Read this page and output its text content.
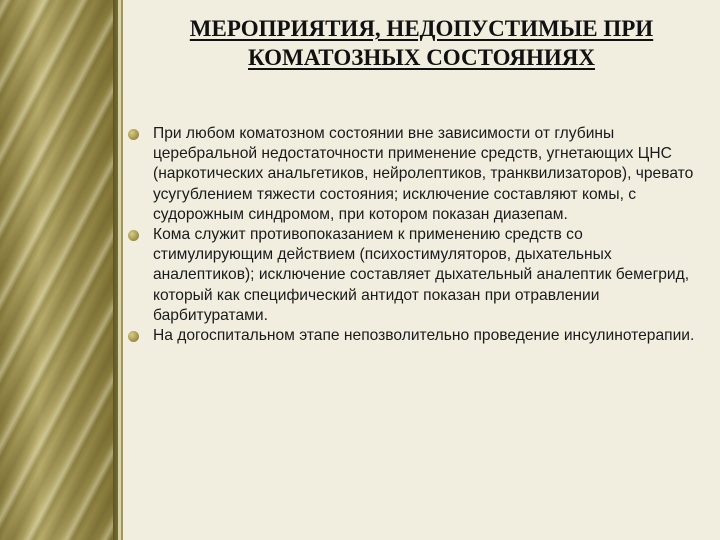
МЕРОПРИЯТИЯ, НЕДОПУСТИМЫЕ ПРИ
КОМАТОЗНЫХ СОСТОЯНИЯХ
При любом коматозном состоянии вне зависимости от глубины церебральной недостаточности применение средств, угнетающих ЦНС (наркотических анальгетиков, нейролептиков, транквилизаторов), чревато усугублением тяжести состояния; исключение составляют комы, с судорожным синдромом, при котором показан диазепам.
Кома служит противопоказанием к применению средств со стимулирующим действием (психостимуляторов, дыхательных аналептиков); исключение составляет дыхательный аналептик бемегрид, который как специфический антидот показан при отравлении барбитуратами.
На догоспитальном этапе непозволительно проведение инсулинотерапии.
